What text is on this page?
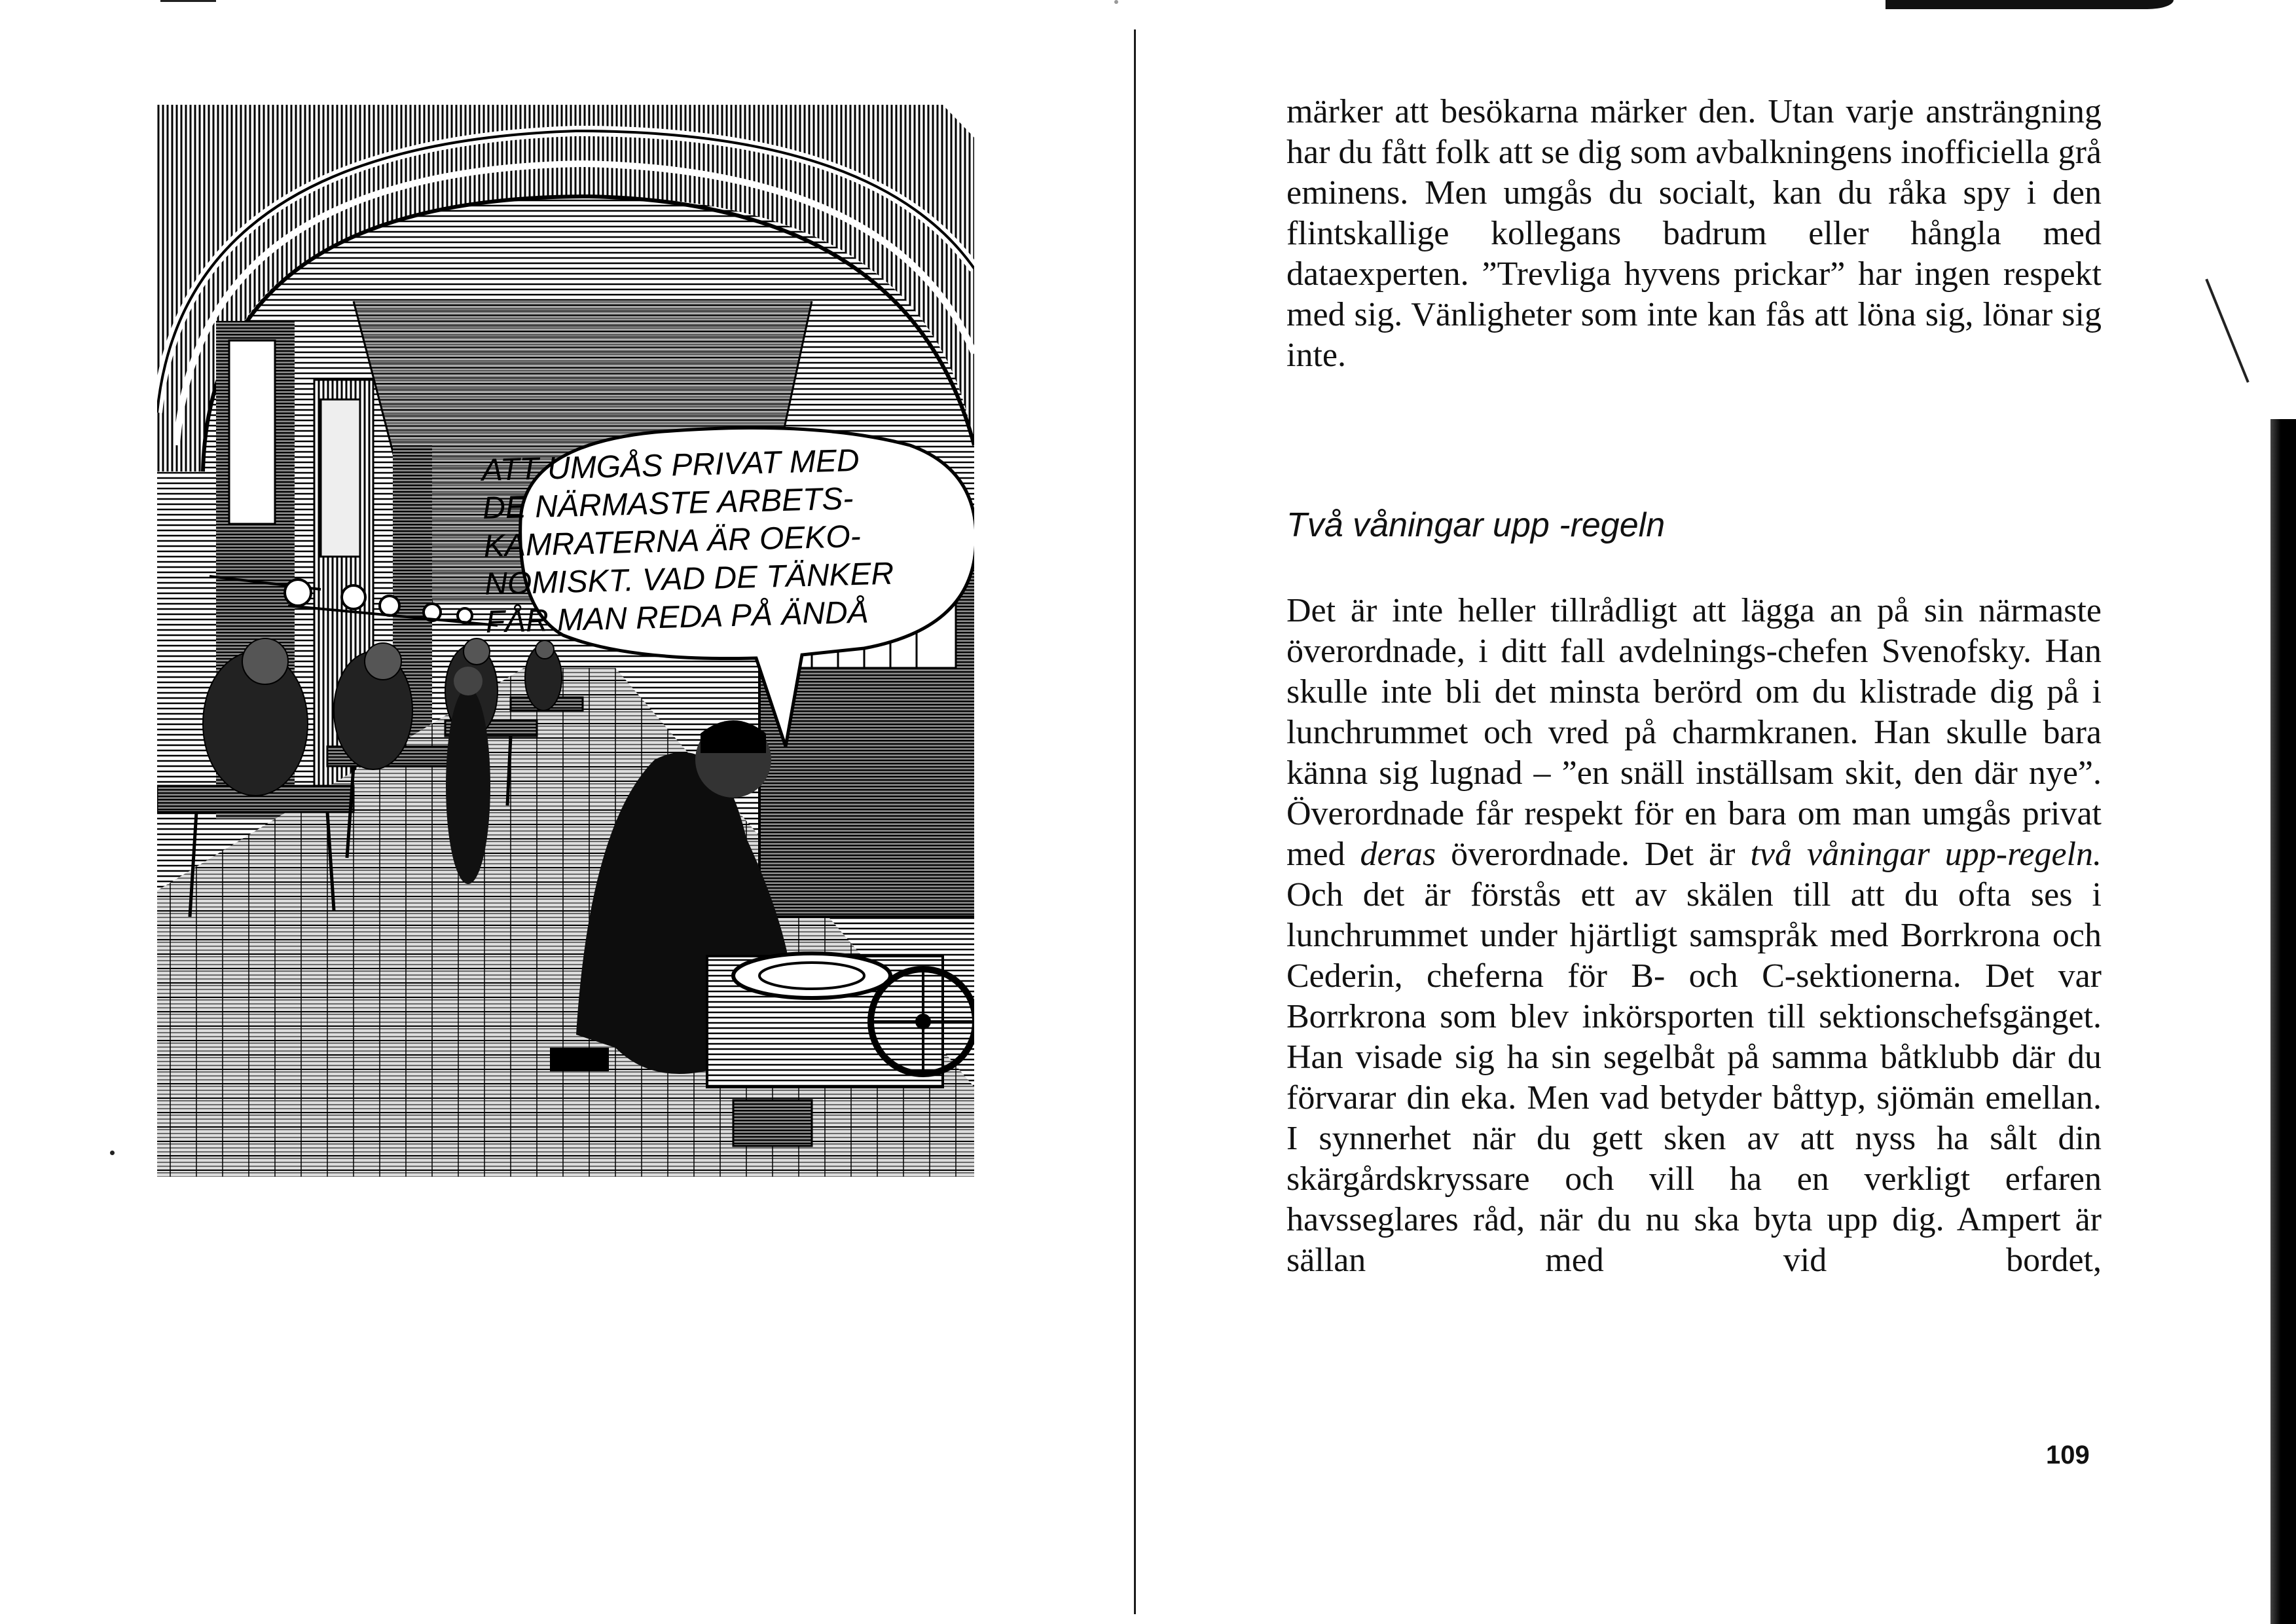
ATT UMGÅS PRIVAT MED
DE NÄRMASTE ARBETS-
KAMRATERNA ÄR OEKO-
NOMISKT. VAD DE TÄNKER
FÅR MAN REDA PÅ ÄNDÅ

märker att besökarna märker den. Utan varje ansträngning har du fått folk att se dig som avbalkningens inofficiella grå eminens. Men umgås du socialt, kan du råka spy i den flintskallige kollegans badrum eller hångla med dataexperten. ”Trevliga hyvens prickar” har ingen respekt med sig. Vänligheter som inte kan fås att löna sig, lönar sig inte.

Två våningar upp -regeln

Det är inte heller tillrådligt att lägga an på sin närmaste överordnade, i ditt fall avdelnings-chefen Svenofsky. Han skulle inte bli det minsta berörd om du klistrade dig på i lunchrummet och vred på charmkranen. Han skulle bara känna sig lugnad – ”en snäll inställsam skit, den där nye”. Överordnade får respekt för en bara om man umgås privat med deras överordnade. Det är två våningar upp-regeln. Och det är förstås ett av skälen till att du ofta ses i lunchrummet under hjärtligt samspråk med Borrkrona och Cederin, cheferna för B- och C-sektionerna. Det var Borrkrona som blev inkörsporten till sektionschefsgänget. Han visade sig ha sin segelbåt på samma båtklubb där du förvarar din eka. Men vad betyder båttyp, sjömän emellan. I synnerhet när du gett sken av att nyss ha sålt din skärgårdskryssare och vill ha en verkligt erfaren havsseglares råd, när du nu ska byta upp dig. Ampert är sällan med vid bordet,

109
